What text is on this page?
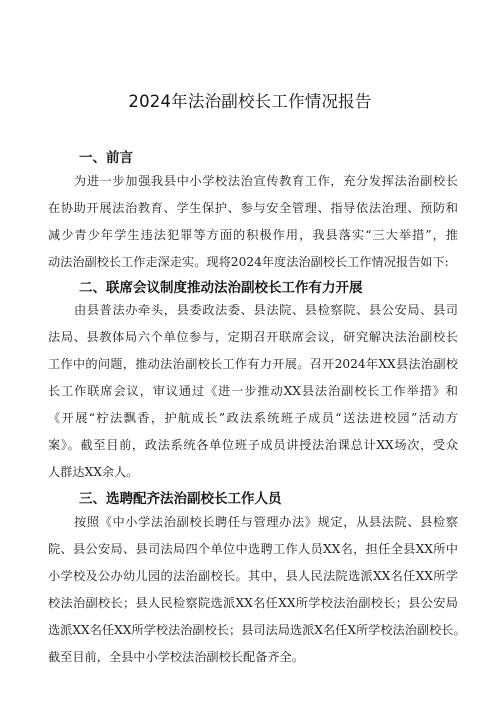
2024年法治副校长工作情况报告
一、前言
为进一步加强我县中小学校法治宣传教育工作，充分发挥法治副校长
在协助开展法治教育、学生保护、参与安全管理、指导依法治理、预防和
减少青少年学生违法犯罪等方面的积极作用，我县落实“三大举措”，推
动法治副校长工作走深走实。现将2024年度法治副校长工作情况报告如下:
二、联席会议制度推动法治副校长工作有力开展
由县普法办牵头，县委政法委、县法院、县检察院、县公安局、县司
法局、县教体局六个单位参与，定期召开联席会议，研究解决法治副校长
工作中的问题，推动法治副校长工作有力开展。召开2024年XX县法治副校
长工作联席会议，审议通过《进一步推动XX县法治副校长工作举措》和
《开展“柠法飘香，护航成长”政法系统班子成员“送法进校园”活动方
案》。截至目前，政法系统各单位班子成员讲授法治课总计XX场次，受众
人群达XX余人。
三、选聘配齐法治副校长工作人员
按照《中小学法治副校长聘任与管理办法》规定，从县法院、县检察
院、县公安局、县司法局四个单位中选聘工作人员XX名，担任全县XX所中
小学校及公办幼儿园的法治副校长。其中，县人民法院选派XX名任XX所学
校法治副校长；县人民检察院选派XX名任XX所学校法治副校长；县公安局
选派XX名任XX所学校法治副校长；县司法局选派X名任X所学校法治副校长。
截至目前，全县中小学校法治副校长配备齐全。
